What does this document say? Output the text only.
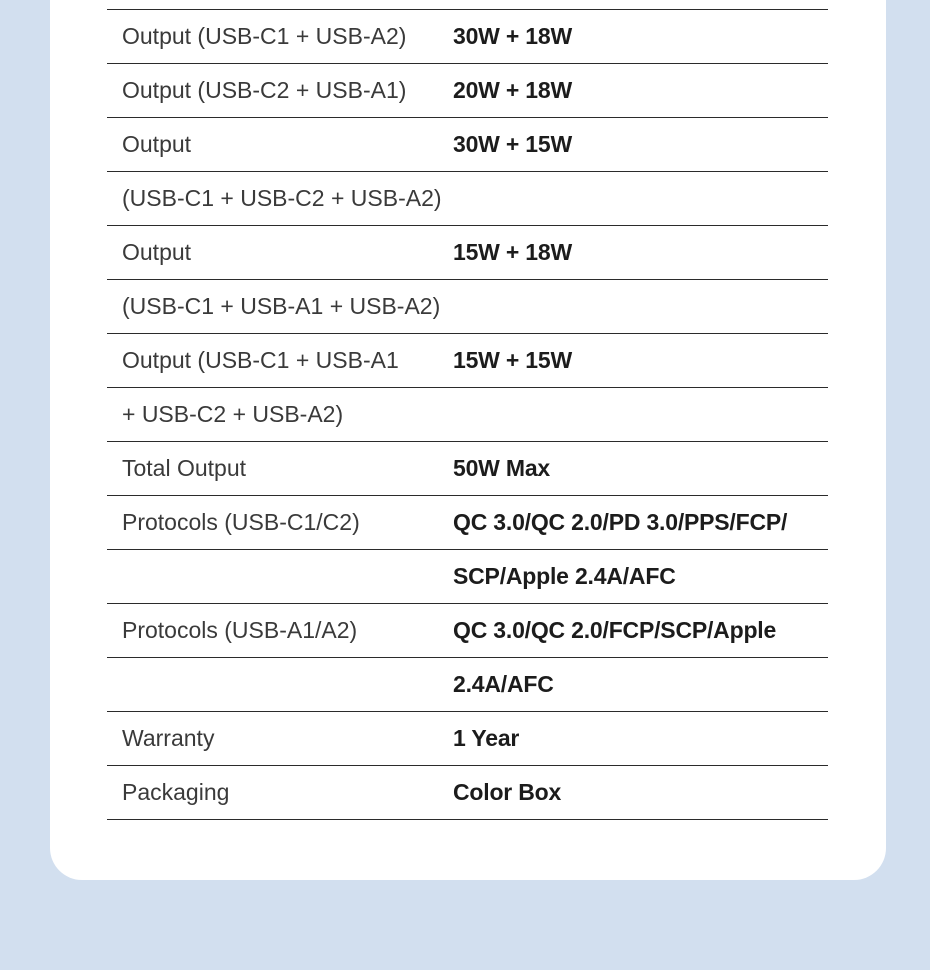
Output (USB-C1 + USB-A2)	30W + 18W
Output (USB-C2 + USB-A1)	20W + 18W
Output	30W + 15W
(USB-C1 + USB-C2 + USB-A2)
Output	15W + 18W
(USB-C1 + USB-A1 + USB-A2)
Output (USB-C1 + USB-A1	15W + 15W
+ USB-C2 + USB-A2)
Total Output	50W Max
Protocols (USB-C1/C2)	QC 3.0/QC 2.0/PD 3.0/PPS/FCP/
SCP/Apple 2.4A/AFC
Protocols (USB-A1/A2)	QC 3.0/QC 2.0/FCP/SCP/Apple
2.4A/AFC
Warranty	1 Year
Packaging	Color Box
